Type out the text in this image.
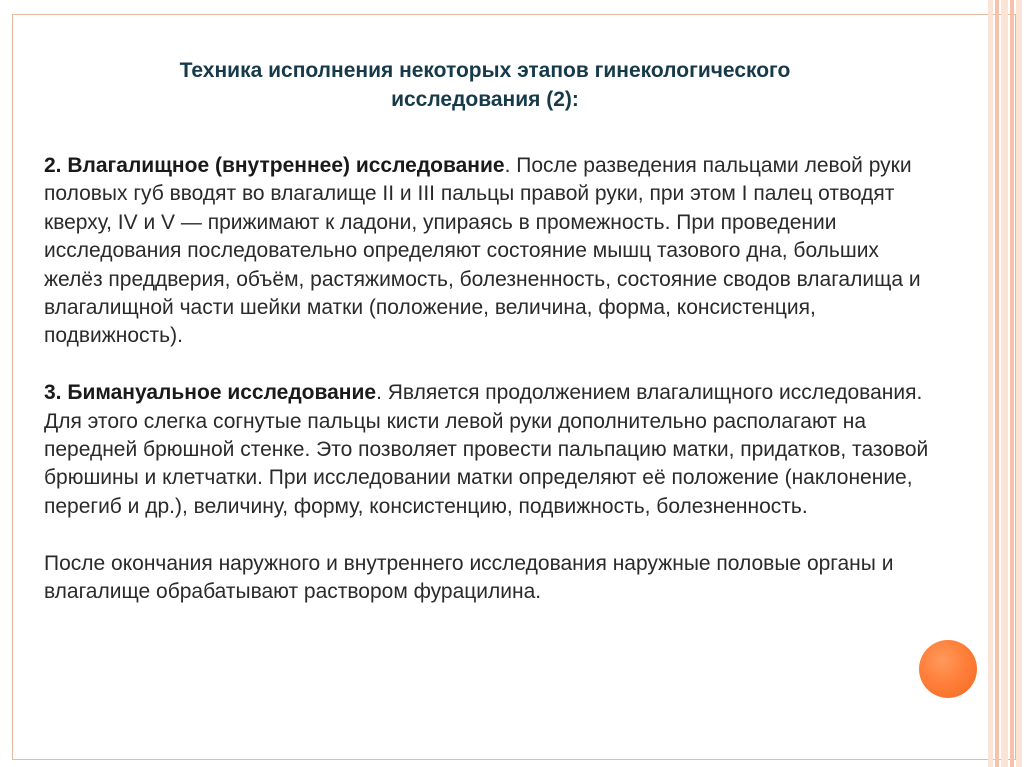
Техника исполнения некоторых этапов гинекологического
исследования (2):

2. Влагалищное (внутреннее) исследование. После разведения пальцами левой руки половых губ вводят во влагалище II и III пальцы правой руки, при этом I палец отводят кверху, IV и V — прижимают к ладони, упираясь в промежность. При проведении исследования последовательно определяют состояние мышц тазового дна, больших желёз преддверия, объём, растяжимость, болезненность, состояние сводов влагалища и влагалищной части шейки матки (положение, величина, форма, консистенция, подвижность).

3. Бимануальное исследование. Является продолжением влагалищного исследования. Для этого слегка согнутые пальцы кисти левой руки дополнительно располагают на передней брюшной стенке. Это позволяет провести пальпацию матки, придатков, тазовой брюшины и клетчатки. При исследовании матки определяют её положение (наклонение, перегиб и др.), величину, форму, консистенцию, подвижность, болезненность.

После окончания наружного и внутреннего исследования наружные половые органы и влагалище обрабатывают раствором фурацилина.
